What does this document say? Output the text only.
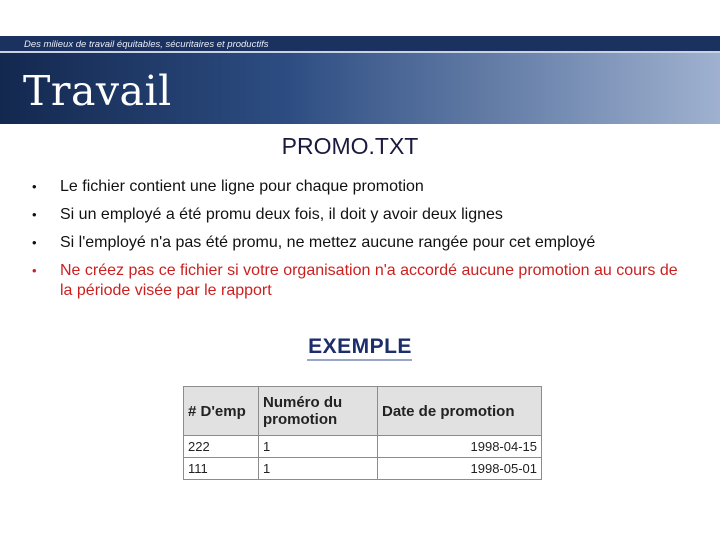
Des milieux de travail équitables, sécuritaires et productifs
Travail
PROMO.TXT
• Le fichier contient une ligne pour chaque promotion
• Si un employé a été promu deux fois, il doit y avoir deux lignes
• Si l'employé n'a pas été promu, ne mettez aucune rangée pour cet employé
• Ne créez pas ce fichier si votre organisation n'a accordé aucune promotion au cours de la période visée par le rapport
EXEMPLE
# D'emp	Numéro du promotion	Date de promotion
222	1	1998-04-15
111	1	1998-05-01
